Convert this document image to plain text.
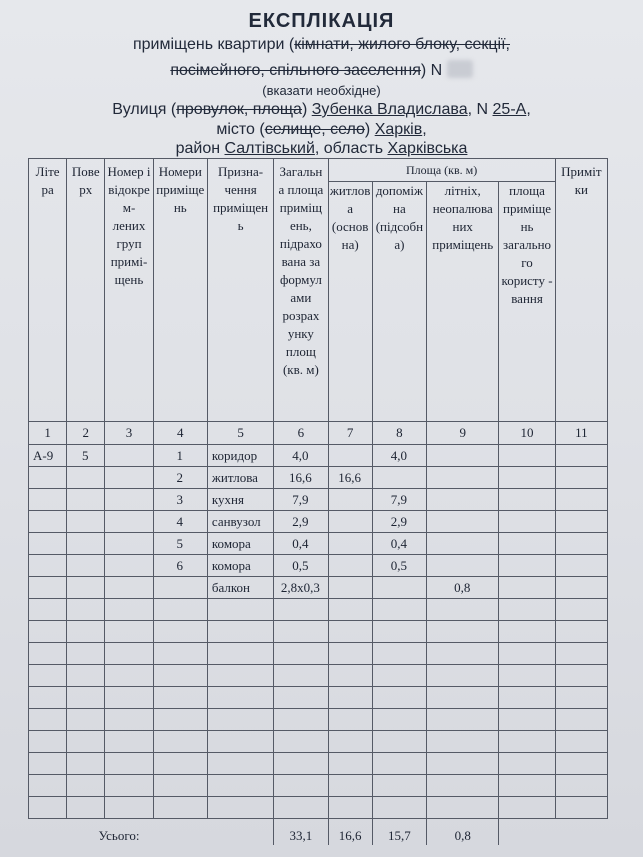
ЕКСПЛІКАЦІЯ
приміщень квартири (кімнати, жилого блоку, секції,
посімейного, спільного заселення) N
(вказати необхідне)
Вулиця (провулок, площа) Зубенка Владислава, N 25-А,
місто (селище, село) Харків,
район Салтівський, область Харківська
Літе ра	Пове рх	Номер і відокре м- лених груп примі- щень	Номери приміще нь	Призна- чення приміщен ь	Загальн а площа приміщ ень, підрахо вана за формул ами розрах унку площ (кв. м)	Площа (кв. м)				Приміт ки
						житлов а (основ на)	допоміж на (підсобн а)	літніх, неопалюва них приміщень	площа приміще нь загально го користу - вання	
1	2	3	4	5	6	7	8	9	10	11
А-9	5		1	коридор	4,0		4,0			
			2	житлова	16,6	16,6				
			3	кухня	7,9		7,9			
			4	санвузол	2,9		2,9			
			5	комора	0,4		0,4			
			6	комора	0,5		0,5			
				балкон	2,8х0,3			0,8		

Усього:					33,1	16,6	15,7	0,8		
